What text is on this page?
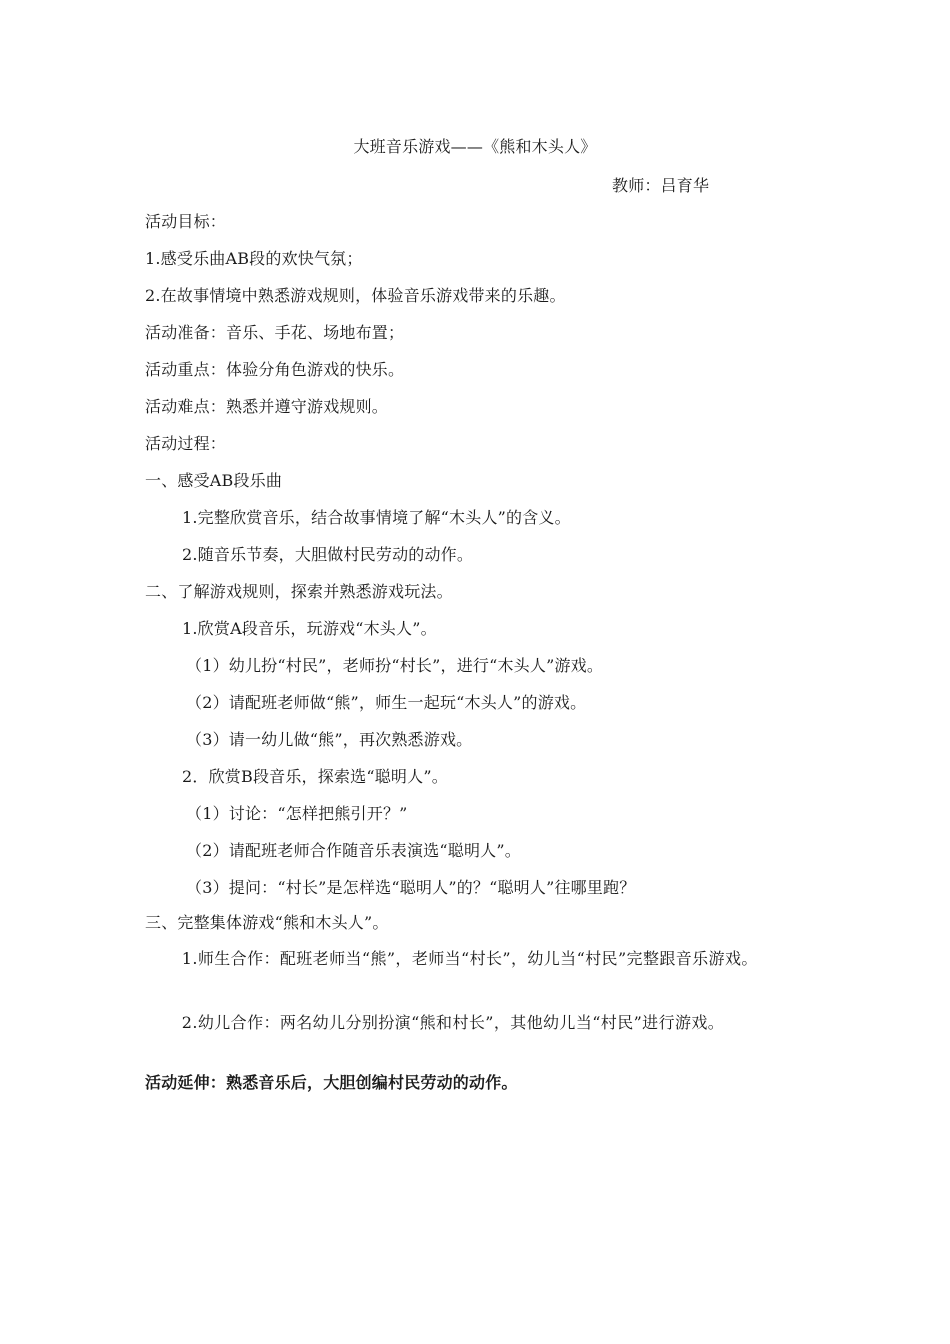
大班音乐游戏——《熊和木头人》
教师：吕育华
活动目标：
1.感受乐曲AB段的欢快气氛；
2.在故事情境中熟悉游戏规则，体验音乐游戏带来的乐趣。
活动准备：音乐、手花、场地布置；
活动重点：体验分角色游戏的快乐。
活动难点：熟悉并遵守游戏规则。
活动过程：
一、感受AB段乐曲
1.完整欣赏音乐，结合故事情境了解“木头人”的含义。
2.随音乐节奏，大胆做村民劳动的动作。
二、了解游戏规则，探索并熟悉游戏玩法。
1.欣赏A段音乐，玩游戏“木头人”。
（1）幼儿扮“村民”，老师扮“村长”，进行“木头人”游戏。
（2）请配班老师做“熊”，师生一起玩“木头人”的游戏。
（3）请一幼儿做“熊”，再次熟悉游戏。
2．欣赏B段音乐，探索选“聪明人”。
（1）讨论：“怎样把熊引开？”
（2）请配班老师合作随音乐表演选“聪明人”。
（3）提问：“村长”是怎样选“聪明人”的？“聪明人”往哪里跑？
三、完整集体游戏“熊和木头人”。
1.师生合作：配班老师当“熊”，老师当“村长”，幼儿当“村民”完整跟音乐游戏。
2.幼儿合作：两名幼儿分别扮演“熊和村长”，其他幼儿当“村民”进行游戏。
活动延伸：熟悉音乐后，大胆创编村民劳动的动作。
